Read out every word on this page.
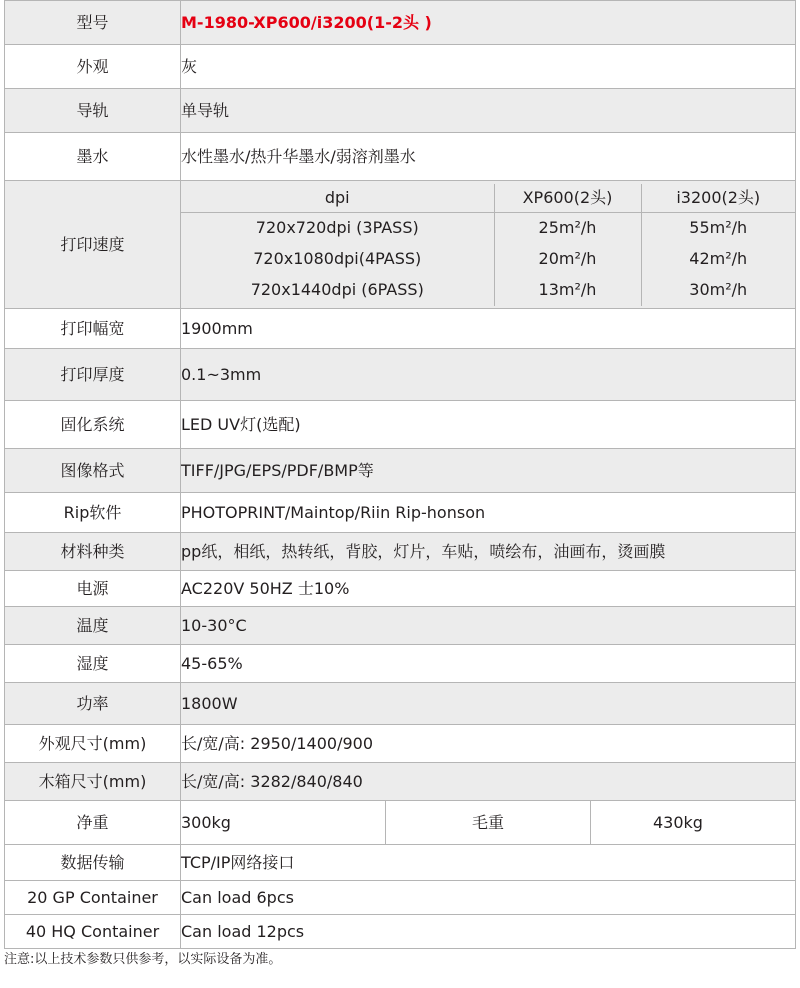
型号	M-1980-XP600/i3200(1-2头 )
外观	灰
导轨	单导轨
墨水	水性墨水/热升华墨水/弱溶剂墨水
打印速度	
dpi	XP600(2头)	i3200(2头)
720x720dpi (3PASS)	25m²/h	55m²/h
720x1080dpi(4PASS)	20m²/h	42m²/h
720x1440dpi (6PASS)	13m²/h	30m²/h

打印幅宽	1900mm
打印厚度	0.1~3mm
固化系统	LED UV灯(选配)
图像格式	TIFF/JPG/EPS/PDF/BMP等
Rip软件	PHOTOPRINT/Maintop/Riin Rip-honson
材料种类	pp纸，相纸，热转纸，背胶，灯片，车贴，喷绘布，油画布，烫画膜
电源	AC220V 50HZ 士10%
温度	10-30°C
湿度	45-65%
功率	1800W
外观尺寸(mm)	长/宽/高: 2950/1400/900
木箱尺寸(mm)	长/宽/高: 3282/840/840
净重	300kg	毛重	430kg
数据传输	TCP/IP网络接口
20 GP Container	Can load 6pcs
40 HQ Container	Can load 12pcs
注意:以上技术参数只供参考，以实际设备为准。
